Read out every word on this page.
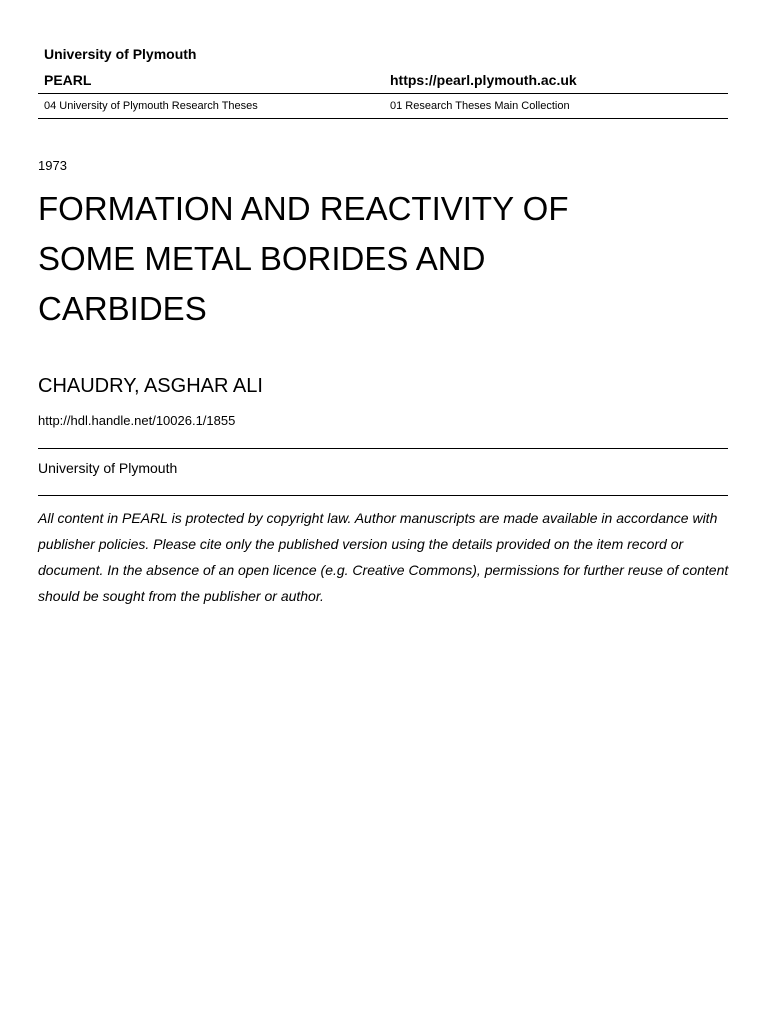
University of Plymouth
PEARL	https://pearl.plymouth.ac.uk
04 University of Plymouth Research Theses	01 Research Theses Main Collection
1973
FORMATION AND REACTIVITY OF SOME METAL BORIDES AND CARBIDES
CHAUDRY, ASGHAR ALI
http://hdl.handle.net/10026.1/1855
University of Plymouth

All content in PEARL is protected by copyright law. Author manuscripts are made available in accordance with publisher policies. Please cite only the published version using the details provided on the item record or document. In the absence of an open licence (e.g. Creative Commons), permissions for further reuse of content should be sought from the publisher or author.
